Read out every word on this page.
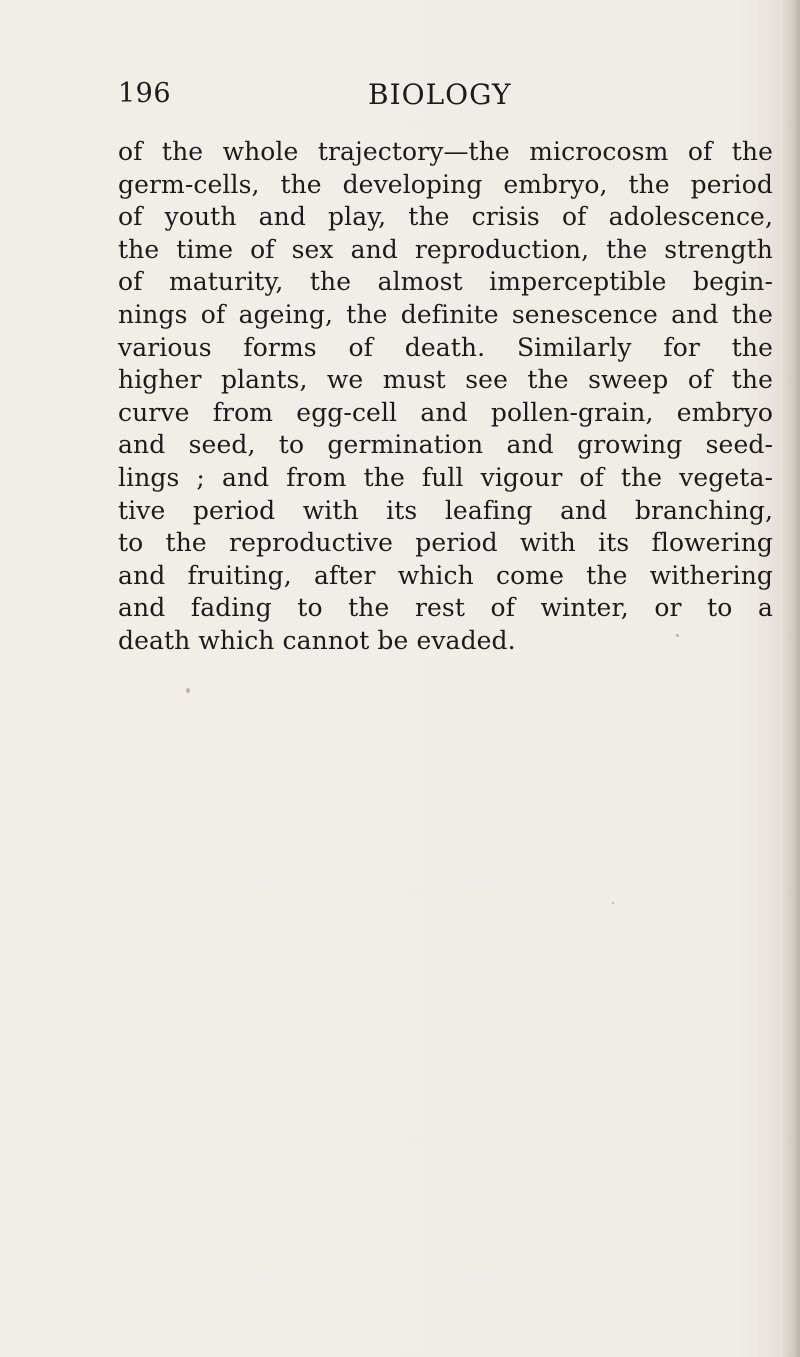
196	BIOLOGY
of the whole trajectory—the microcosm of the
germ-cells, the developing embryo, the period
of youth and play, the crisis of adolescence,
the time of sex and reproduction, the strength
of maturity, the almost imperceptible begin-
nings of ageing, the definite senescence and the
various forms of death. Similarly for the
higher plants, we must see the sweep of the
curve from egg-cell and pollen-grain, embryo
and seed, to germination and growing seed-
lings ; and from the full vigour of the vegeta-
tive period with its leafing and branching,
to the reproductive period with its flowering
and fruiting, after which come the withering
and fading to the rest of winter, or to a
death which cannot be evaded.
